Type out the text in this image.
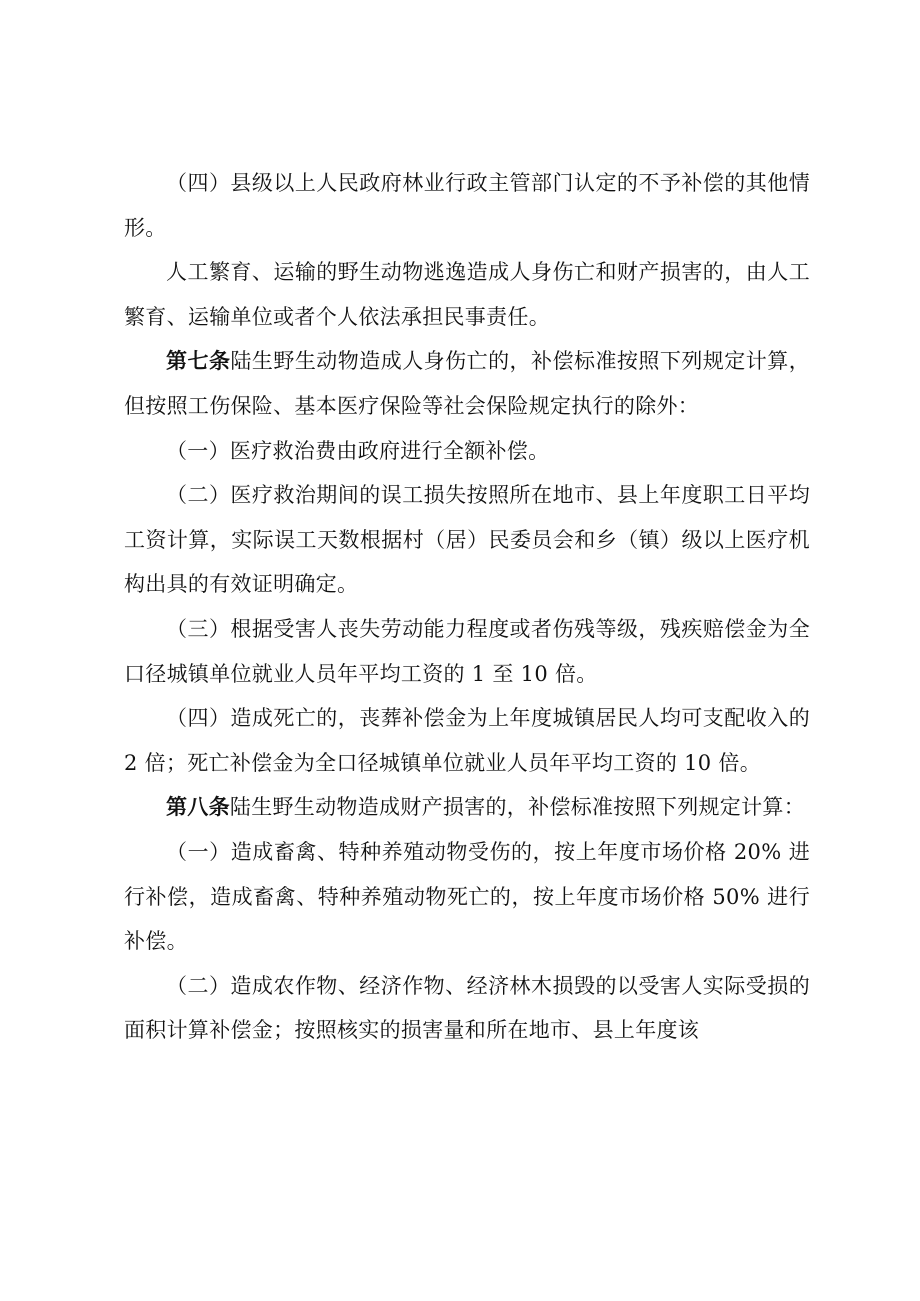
（四）县级以上人民政府林业行政主管部门认定的不予补偿的其他情形。

人工繁育、运输的野生动物逃逸造成人身伤亡和财产损害的，由人工繁育、运输单位或者个人依法承担民事责任。

第七条陆生野生动物造成人身伤亡的，补偿标准按照下列规定计算，但按照工伤保险、基本医疗保险等社会保险规定执行的除外：

（一）医疗救治费由政府进行全额补偿。

（二）医疗救治期间的误工损失按照所在地市、县上年度职工日平均工资计算，实际误工天数根据村（居）民委员会和乡（镇）级以上医疗机构出具的有效证明确定。

（三）根据受害人丧失劳动能力程度或者伤残等级，残疾赔偿金为全口径城镇单位就业人员年平均工资的 1 至 10 倍。

（四）造成死亡的，丧葬补偿金为上年度城镇居民人均可支配收入的 2 倍；死亡补偿金为全口径城镇单位就业人员年平均工资的 10 倍。

第八条陆生野生动物造成财产损害的，补偿标准按照下列规定计算：

（一）造成畜禽、特种养殖动物受伤的，按上年度市场价格 20% 进行补偿，造成畜禽、特种养殖动物死亡的，按上年度市场价格 50% 进行补偿。

（二）造成农作物、经济作物、经济林木损毁的以受害人实际受损的面积计算补偿金；按照核实的损害量和所在地市、县上年度该
